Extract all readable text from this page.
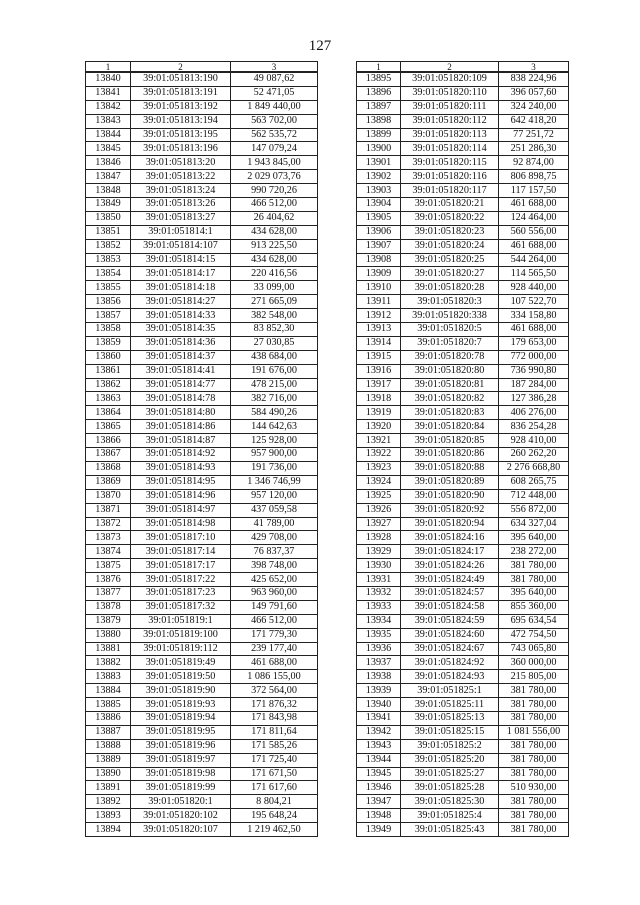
127
1	2	3
13840	39:01:051813:190	49 087,62
13841	39:01:051813:191	52 471,05
13842	39:01:051813:192	1 849 440,00
13843	39:01:051813:194	563 702,00
13844	39:01:051813:195	562 535,72
13845	39:01:051813:196	147 079,24
13846	39:01:051813:20	1 943 845,00
13847	39:01:051813:22	2 029 073,76
13848	39:01:051813:24	990 720,26
13849	39:01:051813:26	466 512,00
13850	39:01:051813:27	26 404,62
13851	39:01:051814:1	434 628,00
13852	39:01:051814:107	913 225,50
13853	39:01:051814:15	434 628,00
13854	39:01:051814:17	220 416,56
13855	39:01:051814:18	33 099,00
13856	39:01:051814:27	271 665,09
13857	39:01:051814:33	382 548,00
13858	39:01:051814:35	83 852,30
13859	39:01:051814:36	27 030,85
13860	39:01:051814:37	438 684,00
13861	39:01:051814:41	191 676,00
13862	39:01:051814:77	478 215,00
13863	39:01:051814:78	382 716,00
13864	39:01:051814:80	584 490,26
13865	39:01:051814:86	144 642,63
13866	39:01:051814:87	125 928,00
13867	39:01:051814:92	957 900,00
13868	39:01:051814:93	191 736,00
13869	39:01:051814:95	1 346 746,99
13870	39:01:051814:96	957 120,00
13871	39:01:051814:97	437 059,58
13872	39:01:051814:98	41 789,00
13873	39:01:051817:10	429 708,00
13874	39:01:051817:14	76 837,37
13875	39:01:051817:17	398 748,00
13876	39:01:051817:22	425 652,00
13877	39:01:051817:23	963 960,00
13878	39:01:051817:32	149 791,60
13879	39:01:051819:1	466 512,00
13880	39:01:051819:100	171 779,30
13881	39:01:051819:112	239 177,40
13882	39:01:051819:49	461 688,00
13883	39:01:051819:50	1 086 155,00
13884	39:01:051819:90	372 564,00
13885	39:01:051819:93	171 876,32
13886	39:01:051819:94	171 843,98
13887	39:01:051819:95	171 811,64
13888	39:01:051819:96	171 585,26
13889	39:01:051819:97	171 725,40
13890	39:01:051819:98	171 671,50
13891	39:01:051819:99	171 617,60
13892	39:01:051820:1	8 804,21
13893	39:01:051820:102	195 648,24
13894	39:01:051820:107	1 219 462,50
1	2	3
13895	39:01:051820:109	838 224,96
13896	39:01:051820:110	396 057,60
13897	39:01:051820:111	324 240,00
13898	39:01:051820:112	642 418,20
13899	39:01:051820:113	77 251,72
13900	39:01:051820:114	251 286,30
13901	39:01:051820:115	92 874,00
13902	39:01:051820:116	806 898,75
13903	39:01:051820:117	117 157,50
13904	39:01:051820:21	461 688,00
13905	39:01:051820:22	124 464,00
13906	39:01:051820:23	560 556,00
13907	39:01:051820:24	461 688,00
13908	39:01:051820:25	544 264,00
13909	39:01:051820:27	114 565,50
13910	39:01:051820:28	928 440,00
13911	39:01:051820:3	107 522,70
13912	39:01:051820:338	334 158,80
13913	39:01:051820:5	461 688,00
13914	39:01:051820:7	179 653,00
13915	39:01:051820:78	772 000,00
13916	39:01:051820:80	736 990,80
13917	39:01:051820:81	187 284,00
13918	39:01:051820:82	127 386,28
13919	39:01:051820:83	406 276,00
13920	39:01:051820:84	836 254,28
13921	39:01:051820:85	928 410,00
13922	39:01:051820:86	260 262,20
13923	39:01:051820:88	2 276 668,80
13924	39:01:051820:89	608 265,75
13925	39:01:051820:90	712 448,00
13926	39:01:051820:92	556 872,00
13927	39:01:051820:94	634 327,04
13928	39:01:051824:16	395 640,00
13929	39:01:051824:17	238 272,00
13930	39:01:051824:26	381 780,00
13931	39:01:051824:49	381 780,00
13932	39:01:051824:57	395 640,00
13933	39:01:051824:58	855 360,00
13934	39:01:051824:59	695 634,54
13935	39:01:051824:60	472 754,50
13936	39:01:051824:67	743 065,80
13937	39:01:051824:92	360 000,00
13938	39:01:051824:93	215 805,00
13939	39:01:051825:1	381 780,00
13940	39:01:051825:11	381 780,00
13941	39:01:051825:13	381 780,00
13942	39:01:051825:15	1 081 556,00
13943	39:01:051825:2	381 780,00
13944	39:01:051825:20	381 780,00
13945	39:01:051825:27	381 780,00
13946	39:01:051825:28	510 930,00
13947	39:01:051825:30	381 780,00
13948	39:01:051825:4	381 780,00
13949	39:01:051825:43	381 780,00
